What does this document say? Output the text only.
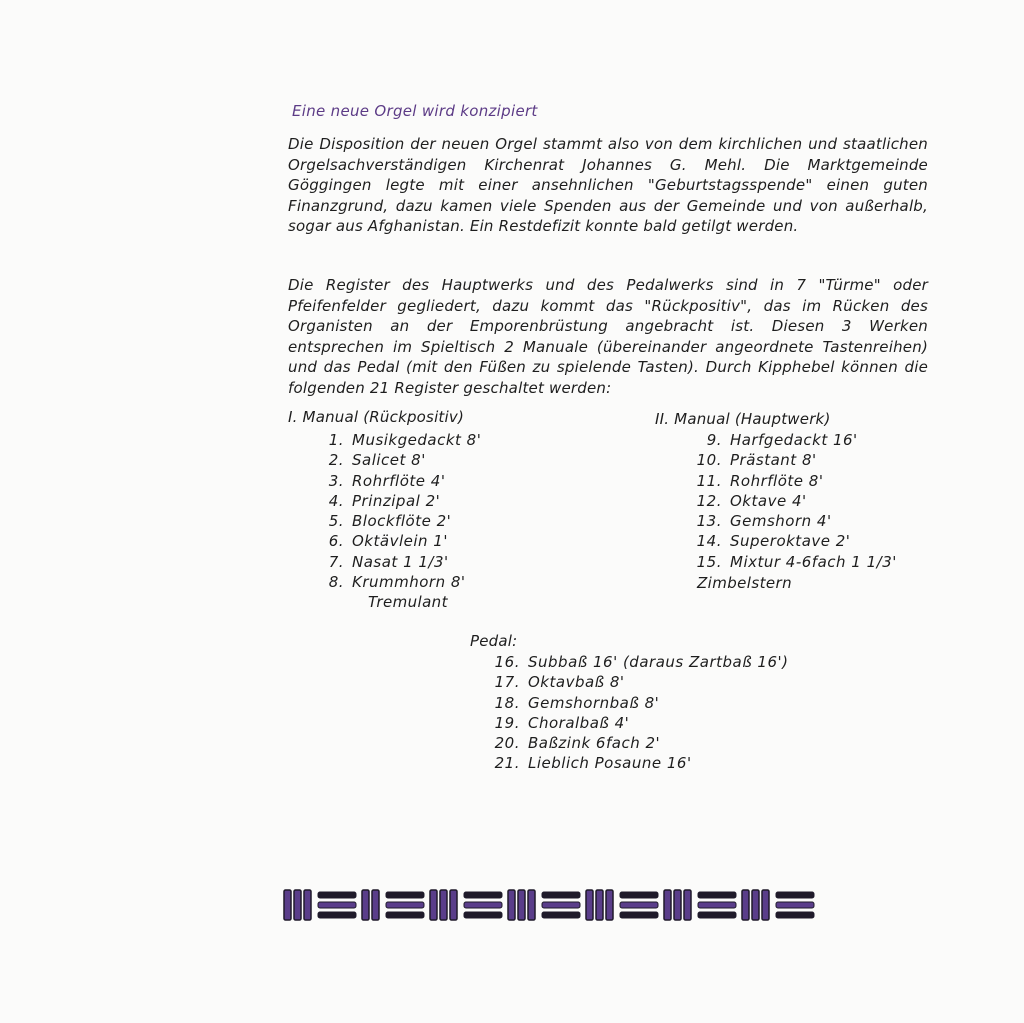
Eine neue Orgel wird konzipiert

Die Disposition der neuen Orgel stammt also von dem kirchlichen und staatlichen Orgelsachverständigen Kirchenrat Johannes G. Mehl. Die Marktgemeinde Göggingen legte mit einer ansehnlichen "Geburtstagsspende" einen guten Finanzgrund, dazu kamen viele Spenden aus der Gemeinde und von außerhalb, sogar aus Afghanistan. Ein Restdefizit konnte bald getilgt werden.

Die Register des Hauptwerks und des Pedalwerks sind in 7 "Türme" oder Pfeifenfelder gegliedert, dazu kommt das "Rückpositiv", das im Rücken des Organisten an der Emporenbrüstung angebracht ist. Diesen 3 Werken entsprechen im Spieltisch 2 Manuale (übereinander angeordnete Tastenreihen) und das Pedal (mit den Füßen zu spielende Tasten). Durch Kipphebel können die folgenden 21 Register geschaltet werden:

I. Manual (Rückpositiv)
1. Musikgedackt 8'
2. Salicet 8'
3. Rohrflöte 4'
4. Prinzipal 2'
5. Blockflöte 2'
6. Oktävlein 1'
7. Nasat 1 1/3'
8. Krummhorn 8'
Tremulant
II. Manual (Hauptwerk)
9. Harfgedackt 16'
10. Prästant 8'
11. Rohrflöte 8'
12. Oktave 4'
13. Gemshorn 4'
14. Superoktave 2'
15. Mixtur 4-6fach 1 1/3'
Zimbelstern
Pedal:
16. Subbaß 16' (daraus Zartbaß 16')
17. Oktavbaß 8'
18. Gemshornbaß 8'
19. Choralbaß 4'
20. Baßzink 6fach 2'
21. Lieblich Posaune 16'
